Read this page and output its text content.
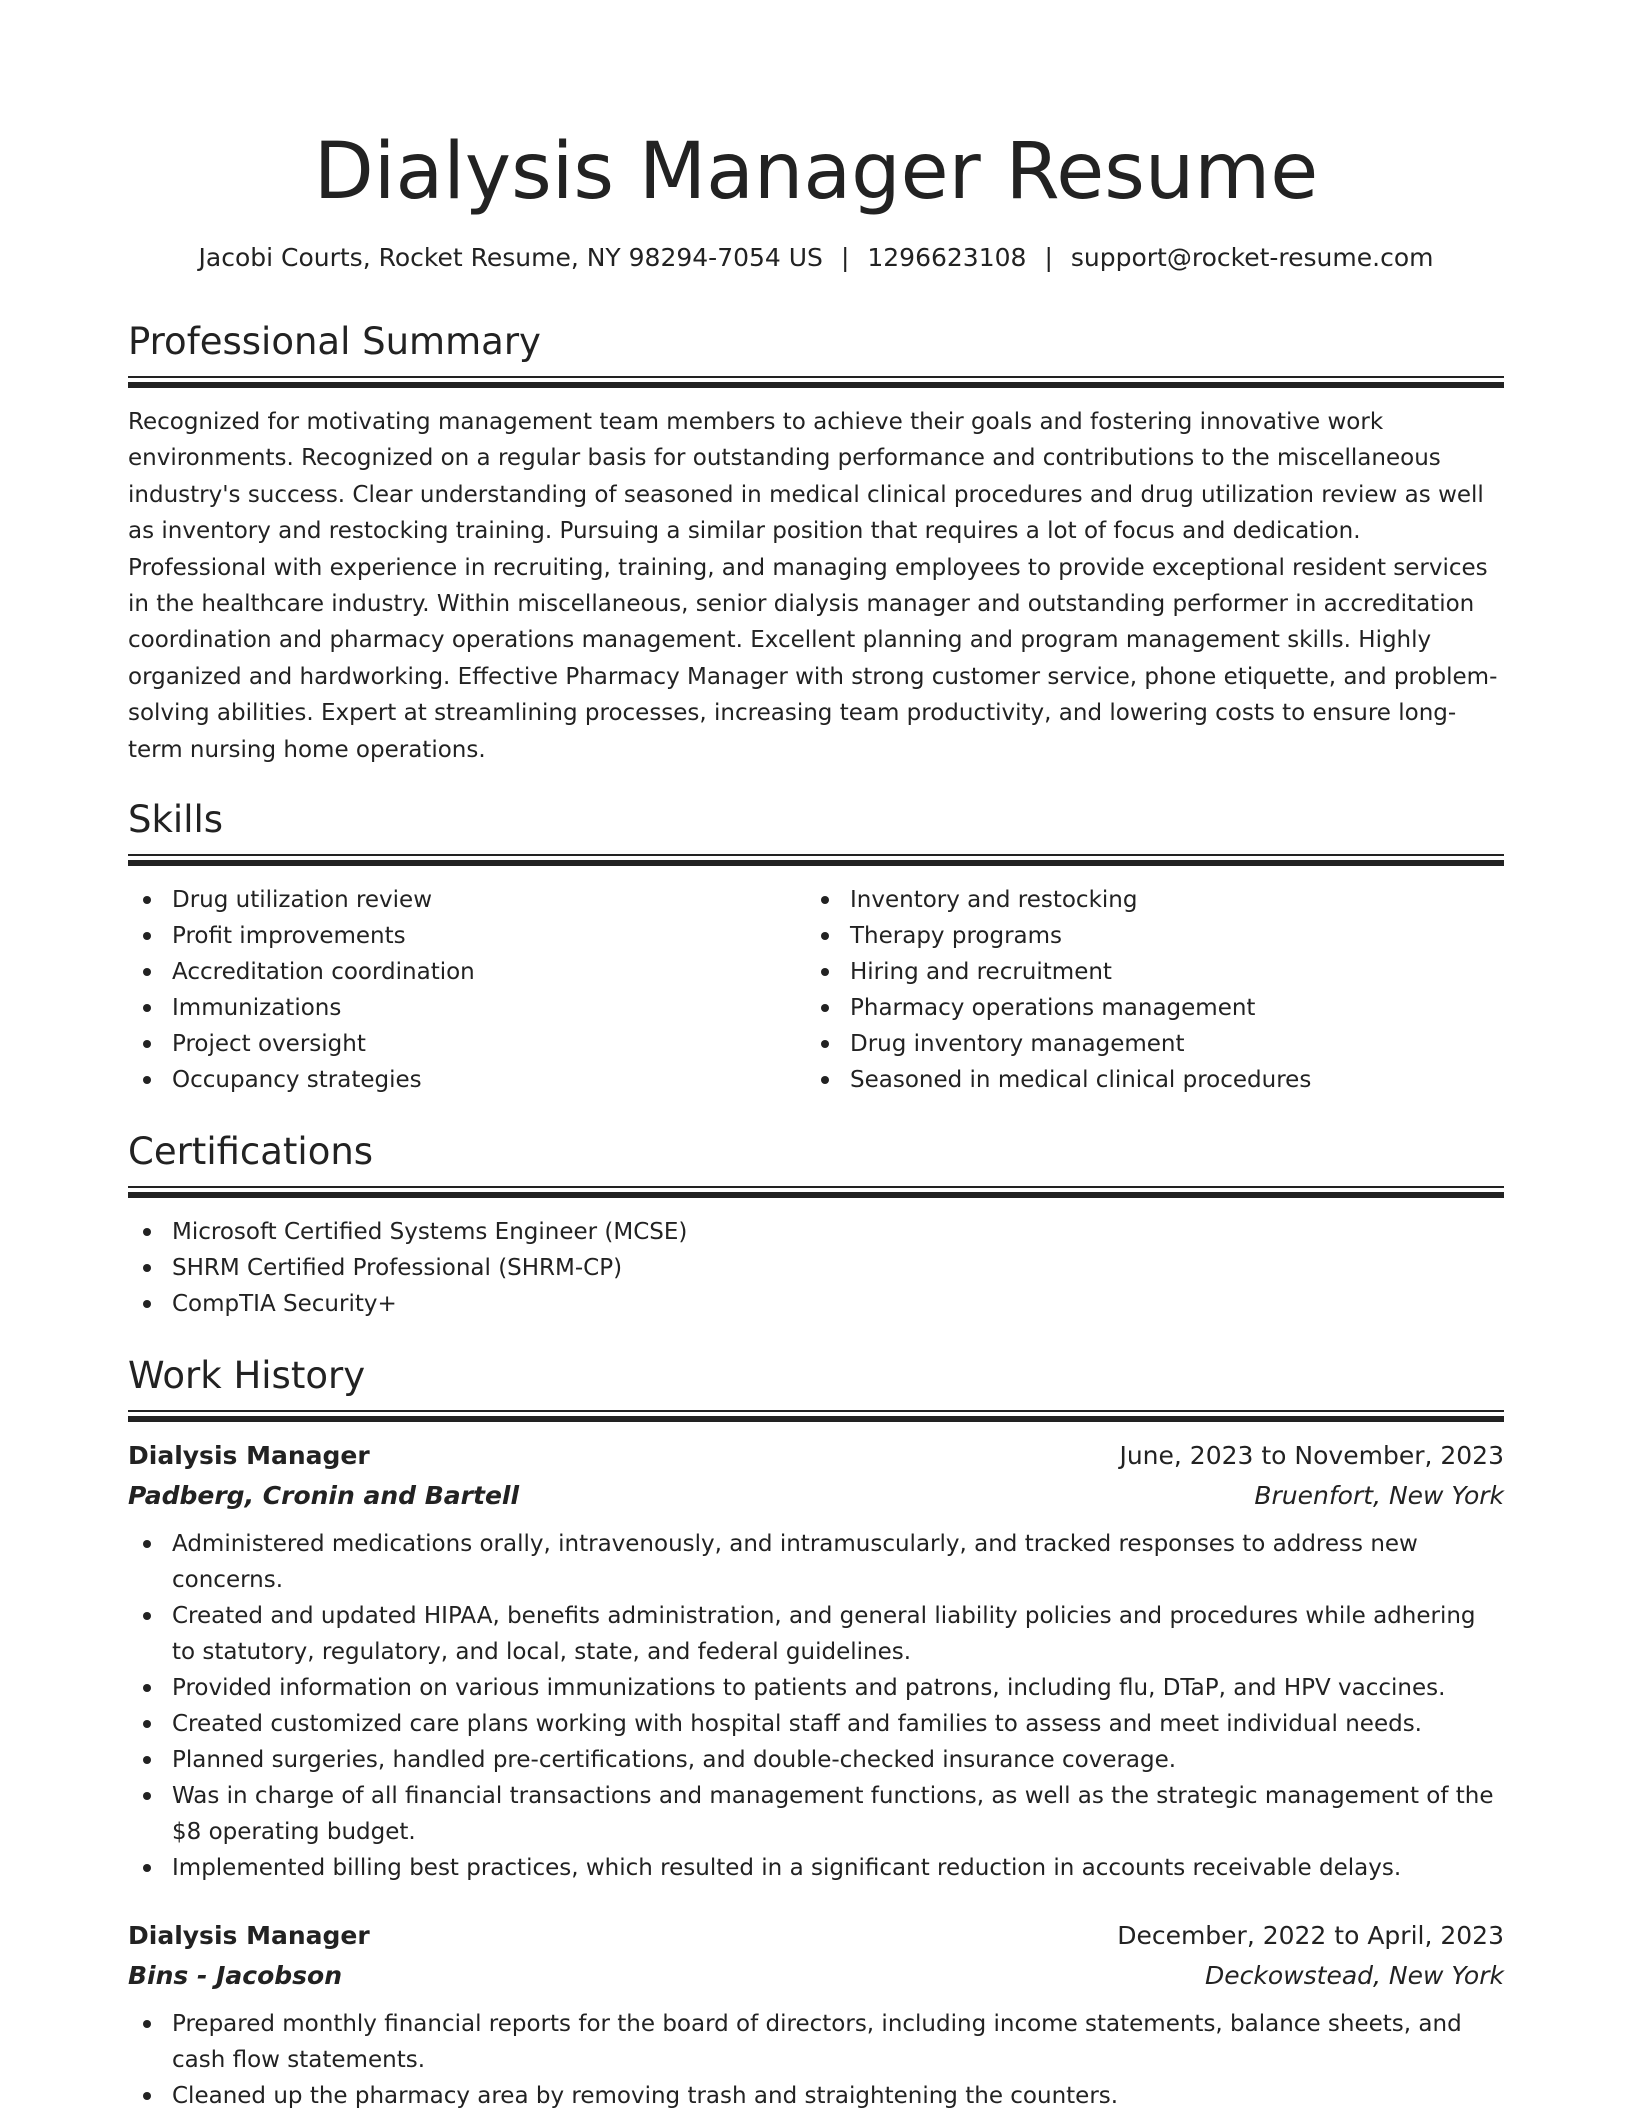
Dialysis Manager Resume
Jacobi Courts, Rocket Resume, NY 98294-7054 US | 1296623108 | support@rocket-resume.com
Professional Summary

Recognized for motivating management team members to achieve their goals and fostering innovative work environments. Recognized on a regular basis for outstanding performance and contributions to the miscellaneous industry's success. Clear understanding of seasoned in medical clinical procedures and drug utilization review as well as inventory and restocking training. Pursuing a similar position that requires a lot of focus and dedication. Professional with experience in recruiting, training, and managing employees to provide exceptional resident services in the healthcare industry. Within miscellaneous, senior dialysis manager and outstanding performer in accreditation coordination and pharmacy operations management. Excellent planning and program management skills. Highly organized and hardworking. Effective Pharmacy Manager with strong customer service, phone etiquette, and problem-solving abilities. Expert at streamlining processes, increasing team productivity, and lowering costs to ensure long-term nursing home operations.

Skills
Drug utilization review
Profit improvements
Accreditation coordination
Immunizations
Project oversight
Occupancy strategies
Inventory and restocking
Therapy programs
Hiring and recruitment
Pharmacy operations management
Drug inventory management
Seasoned in medical clinical procedures
Certifications
Microsoft Certified Systems Engineer (MCSE)
SHRM Certified Professional (SHRM-CP)
CompTIA Security+
Work History
Dialysis Manager	June, 2023 to November, 2023
Padberg, Cronin and Bartell	Bruenfort, New York
Administered medications orally, intravenously, and intramuscularly, and tracked responses to address new concerns.
Created and updated HIPAA, benefits administration, and general liability policies and procedures while adhering to statutory, regulatory, and local, state, and federal guidelines.
Provided information on various immunizations to patients and patrons, including flu, DTaP, and HPV vaccines.
Created customized care plans working with hospital staff and families to assess and meet individual needs.
Planned surgeries, handled pre-certifications, and double-checked insurance coverage.
Was in charge of all financial transactions and management functions, as well as the strategic management of the $8 operating budget.
Implemented billing best practices, which resulted in a significant reduction in accounts receivable delays.
Dialysis Manager	December, 2022 to April, 2023
Bins - Jacobson	Deckowstead, New York
Prepared monthly financial reports for the board of directors, including income statements, balance sheets, and cash flow statements.
Cleaned up the pharmacy area by removing trash and straightening the counters.
